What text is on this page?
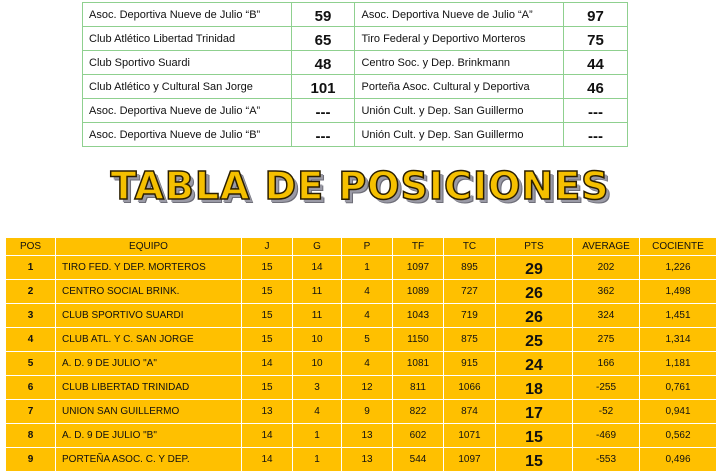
Asoc. Deportiva Nueve de Julio “B”	59	Asoc. Deportiva Nueve de Julio “A”	97
Club Atlético Libertad Trinidad	65	Tiro Federal y Deportivo Morteros	75
Club Sportivo Suardi	48	Centro Soc. y Dep. Brinkmann	44
Club Atlético y Cultural San Jorge	101	Porteña Asoc. Cultural y Deportiva	46
Asoc. Deportiva Nueve de Julio “A”	---	Unión Cult. y Dep. San Guillermo	---
Asoc. Deportiva Nueve de Julio “B”	---	Unión Cult. y Dep. San Guillermo	---
TABLA DE POSICIONES
POS	EQUIPO	J	G	P	TF	TC	PTS	AVERAGE	COCIENTE
1	TIRO FED. Y DEP. MORTEROS	15	14	1	1097	895	29	202	1,226
2	CENTRO SOCIAL BRINK.	15	11	4	1089	727	26	362	1,498
3	CLUB SPORTIVO SUARDI	15	11	4	1043	719	26	324	1,451
4	CLUB ATL. Y C. SAN JORGE	15	10	5	1150	875	25	275	1,314
5	A. D. 9 DE JULIO "A"	14	10	4	1081	915	24	166	1,181
6	CLUB LIBERTAD TRINIDAD	15	3	12	811	1066	18	-255	0,761
7	UNION SAN GUILLERMO	13	4	9	822	874	17	-52	0,941
8	A. D. 9 DE JULIO "B"	14	1	13	602	1071	15	-469	0,562
9	PORTEÑA ASOC. C. Y DEP.	14	1	13	544	1097	15	-553	0,496
